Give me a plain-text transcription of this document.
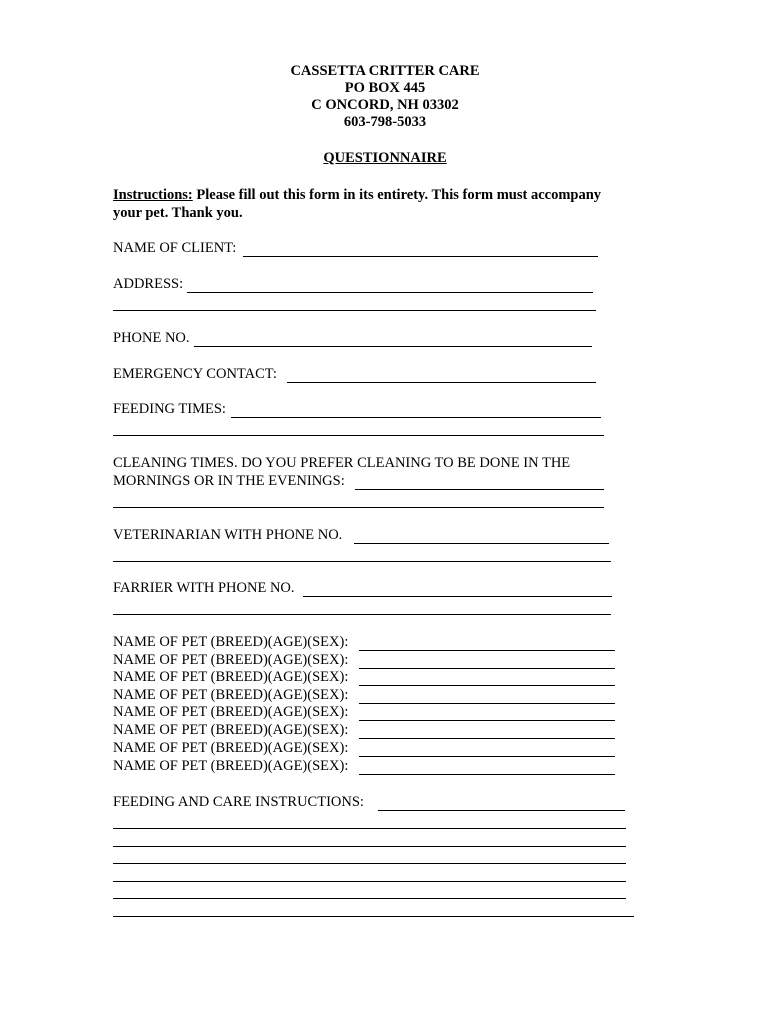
CASSETTA CRITTER CARE
PO BOX 445
C ONCORD, NH 03302
603-798-5033
QUESTIONNAIRE
Instructions: Please fill out this form in its entirety. This form must accompany
your pet. Thank you.
NAME OF CLIENT:
ADDRESS:
PHONE NO.
EMERGENCY CONTACT:
FEEDING TIMES:
CLEANING TIMES. DO YOU PREFER CLEANING TO BE DONE IN THE
MORNINGS OR IN THE EVENINGS:
VETERINARIAN WITH PHONE NO.
FARRIER WITH PHONE NO.
NAME OF PET (BREED)(AGE)(SEX):
NAME OF PET (BREED)(AGE)(SEX):
NAME OF PET (BREED)(AGE)(SEX):
NAME OF PET (BREED)(AGE)(SEX):
NAME OF PET (BREED)(AGE)(SEX):
NAME OF PET (BREED)(AGE)(SEX):
NAME OF PET (BREED)(AGE)(SEX):
NAME OF PET (BREED)(AGE)(SEX):
FEEDING AND CARE INSTRUCTIONS:
